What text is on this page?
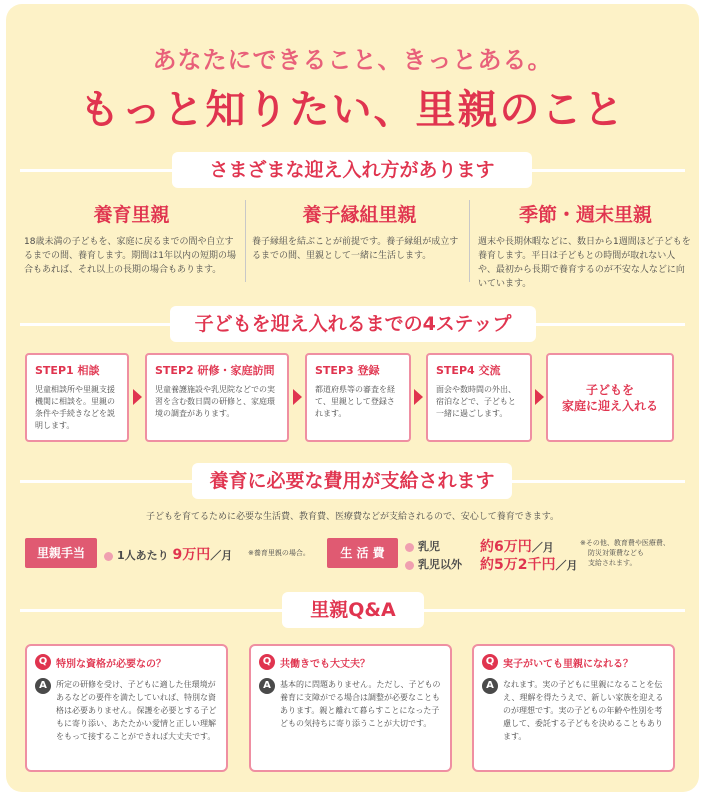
あなたにできること、きっとある。
もっと知りたい、里親のこと
さまざまな迎え入れ方があります
養育里親

18歳未満の子どもを、家庭に戻るまでの間や自立するまでの間、養育します。期間は1年以内の短期の場合もあれば、それ以上の長期の場合もあります。

養子縁組里親

養子縁組を結ぶことが前提です。養子縁組が成立するまでの間、里親として一緒に生活します。

季節・週末里親

週末や長期休暇などに、数日から1週間ほど子どもを養育します。平日は子どもとの時間が取れない人や、最初から長期で養育するのが不安な人などに向いています。

子どもを迎え入れるまでの4ステップ
STEP1 相談

児童相談所や里親支援機関に相談を。里親の条件や手続きなどを説明します。

STEP2 研修・家庭訪問

児童養護施設や乳児院などでの実習を含む数日間の研修と、家庭環境の調査があります。

STEP3 登録

都道府県等の審査を経て、里親として登録されます。

STEP4 交流

面会や数時間の外出、宿泊などで、子どもと一緒に過ごします。

子どもを
家庭に迎え入れる
養育に必要な費用が支給されます
子どもを育てるために必要な生活費、教育費、医療費などが支給されるので、安心して養育できます。
里親手当	1人あたり 9万円／月 ※養育里親の場合。	生 活 費	乳児	約6万円／月
乳児以外 約5万2千円／月
※その他、教育費や医療費、
防災対策費なども
支給されます。
里親Q&A
Q 特別な資格が必要なの？
A	所定の研修を受け、子どもに適した住環境があるなどの要件を満たしていれば、特別な資格は必要ありません。保護を必要とする子どもに寄り添い、あたたかい愛情と正しい理解をもって接することができれば大丈夫です。

Q 共働きでも大丈夫？
A	基本的に問題ありません。ただし、子どもの養育に支障がでる場合は調整が必要なこともあります。親と離れて暮らすことになった子どもの気持ちに寄り添うことが大切です。

Q 実子がいても里親になれる？
A	なれます。実の子どもに里親になることを伝え、理解を得たうえで、新しい家族を迎えるのが理想です。実の子どもの年齢や性別を考慮して、委託する子どもを決めることもあります。
